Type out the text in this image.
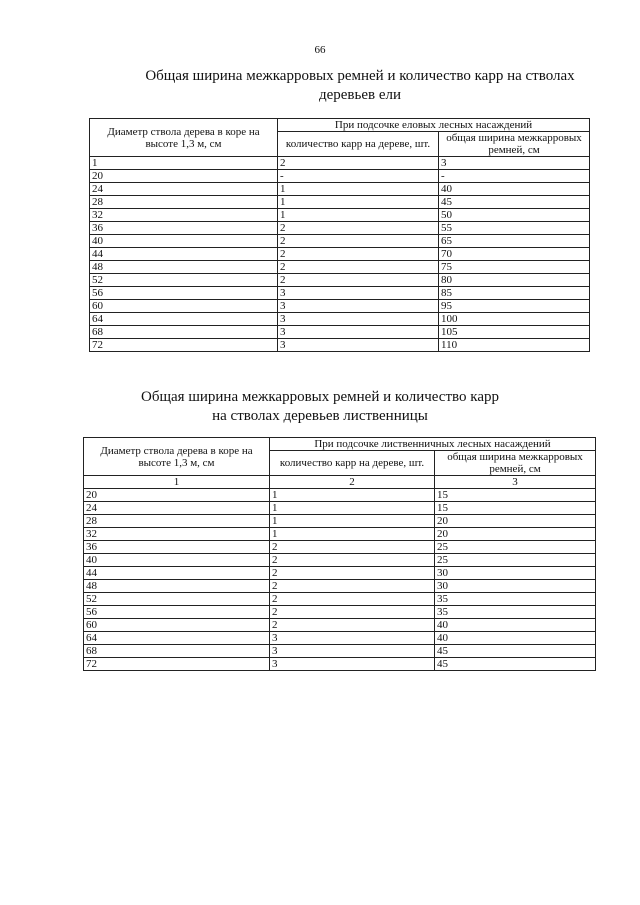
66
Общая ширина межкарровых ремней и количество карр на стволах
деревьев ели
Диаметр ствола дерева в коре на высоте 1,3 м, см	При подсочке еловых лесных насаждений	
	количество карр на дереве, шт.	общая ширина межкарровых ремней, см
1	2	3
20	-	-
24	1	40
28	1	45
32	1	50
36	2	55
40	2	65
44	2	70
48	2	75
52	2	80
56	3	85
60	3	95
64	3	100
68	3	105
72	3	110
Общая ширина межкарровых ремней и количество карр
на стволах деревьев лиственницы
Диаметр ствола дерева в коре на высоте 1,3 м, см	При подсочке лиственничных лесных насаждений	
	количество карр на дереве, шт.	общая ширина межкарровых ремней, см
1	2	3
20	1	15
24	1	15
28	1	20
32	1	20
36	2	25
40	2	25
44	2	30
48	2	30
52	2	35
56	2	35
60	2	40
64	3	40
68	3	45
72	3	45
